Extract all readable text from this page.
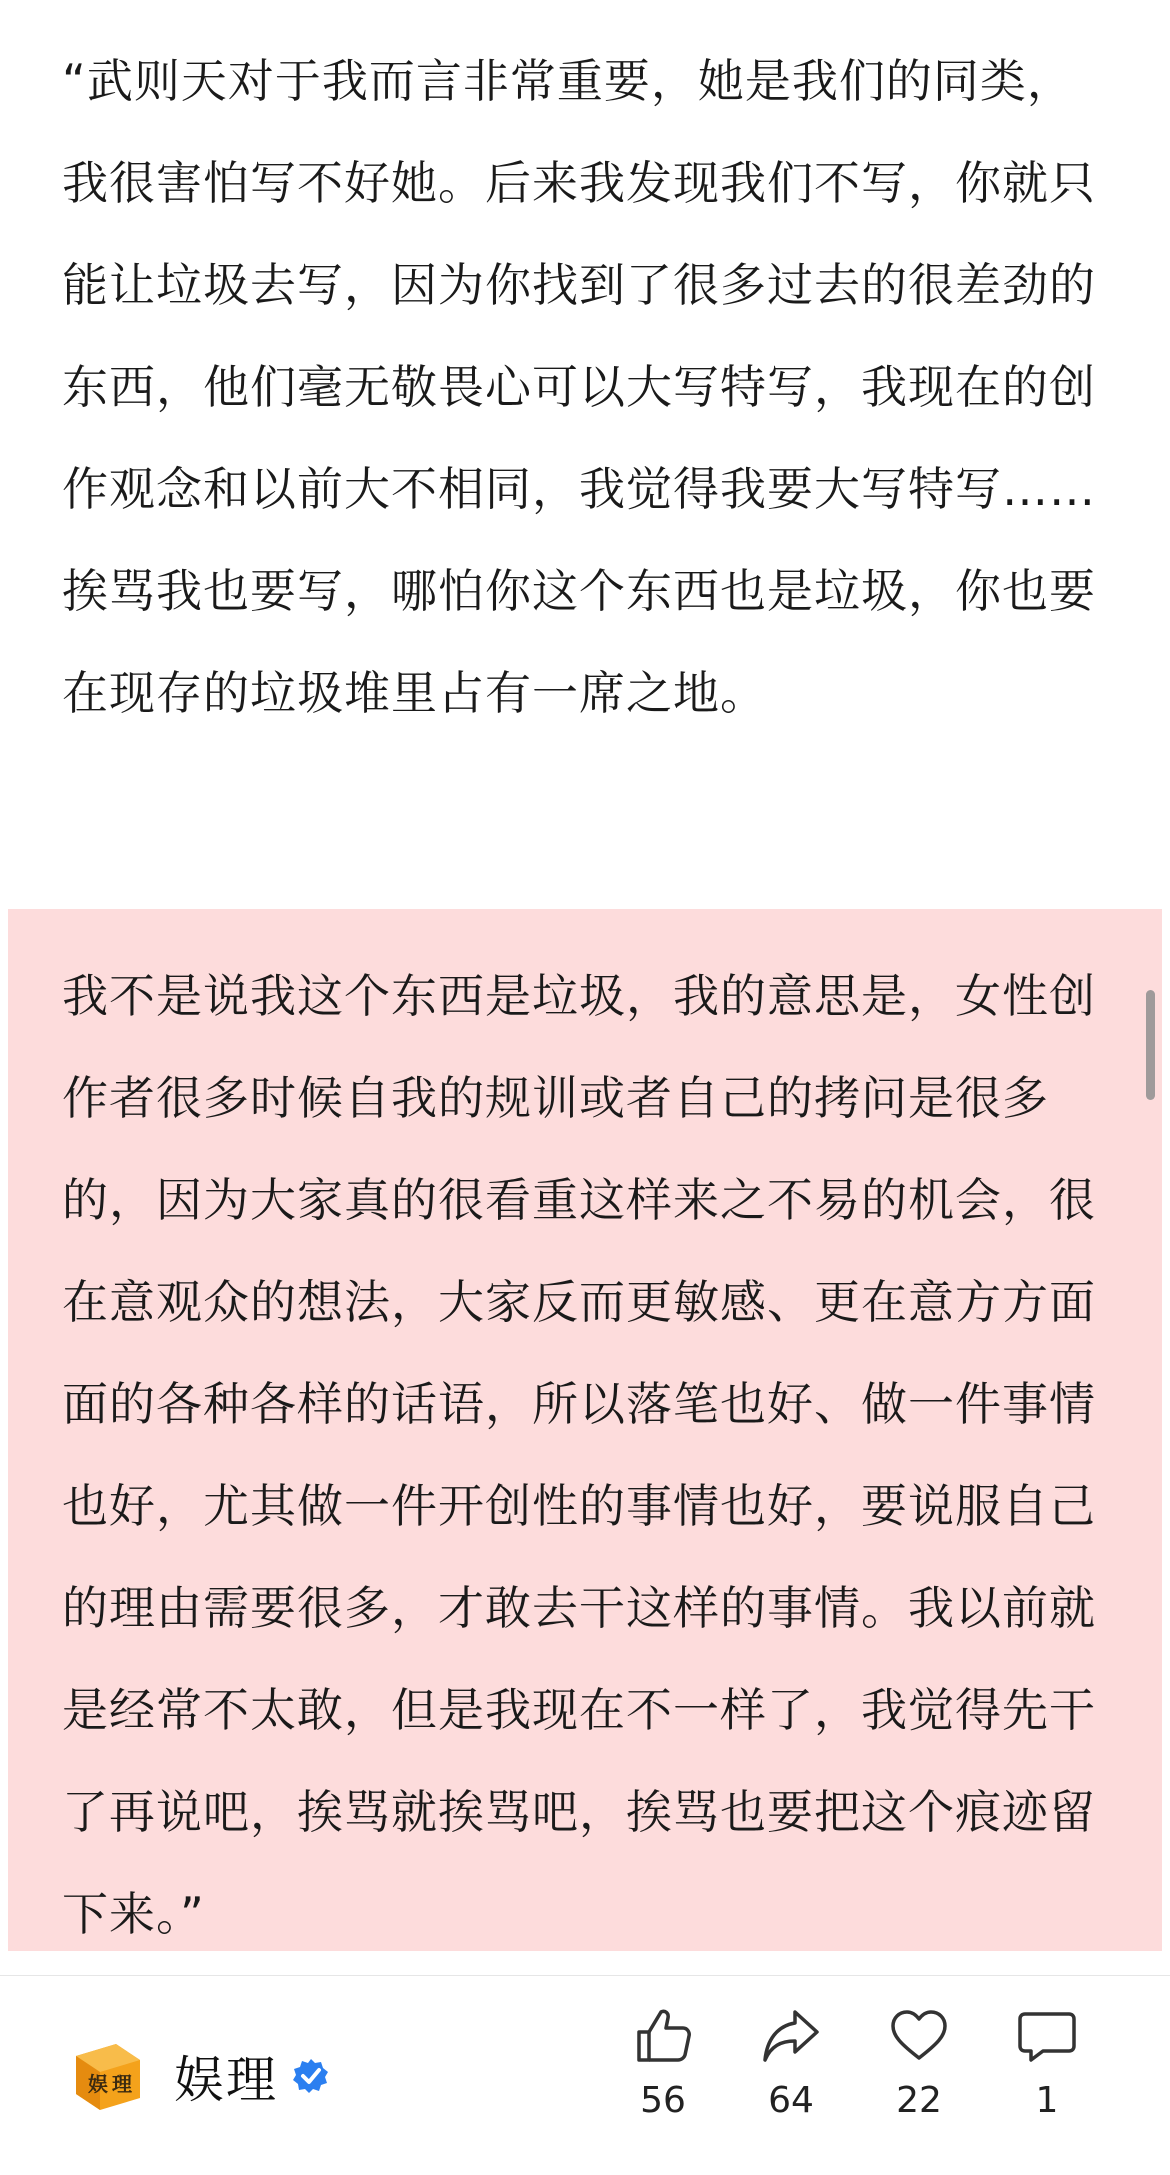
“武则天对于我而言非常重要，她是我们的同类，我很害怕写不好她。后来我发现我们不写，你就只能让垃圾去写，因为你找到了很多过去的很差劲的东西，他们毫无敬畏心可以大写特写，我现在的创作观念和以前大不相同，我觉得我要大写特写……挨骂我也要写，哪怕你这个东西也是垃圾，你也要在现存的垃圾堆里占有一席之地。
我不是说我这个东西是垃圾，我的意思是，女性创作者很多时候自我的规训或者自己的拷问是很多的，因为大家真的很看重这样来之不易的机会，很在意观众的想法，大家反而更敏感、更在意方方面面的各种各样的话语，所以落笔也好、做一件事情也好，尤其做一件开创性的事情也好，要说服自己的理由需要很多，才敢去干这样的事情。我以前就是经常不太敢，但是我现在不一样了，我觉得先干了再说吧，挨骂就挨骂吧，挨骂也要把这个痕迹留下来。”
娱 理 娱理	56	64	22	1
